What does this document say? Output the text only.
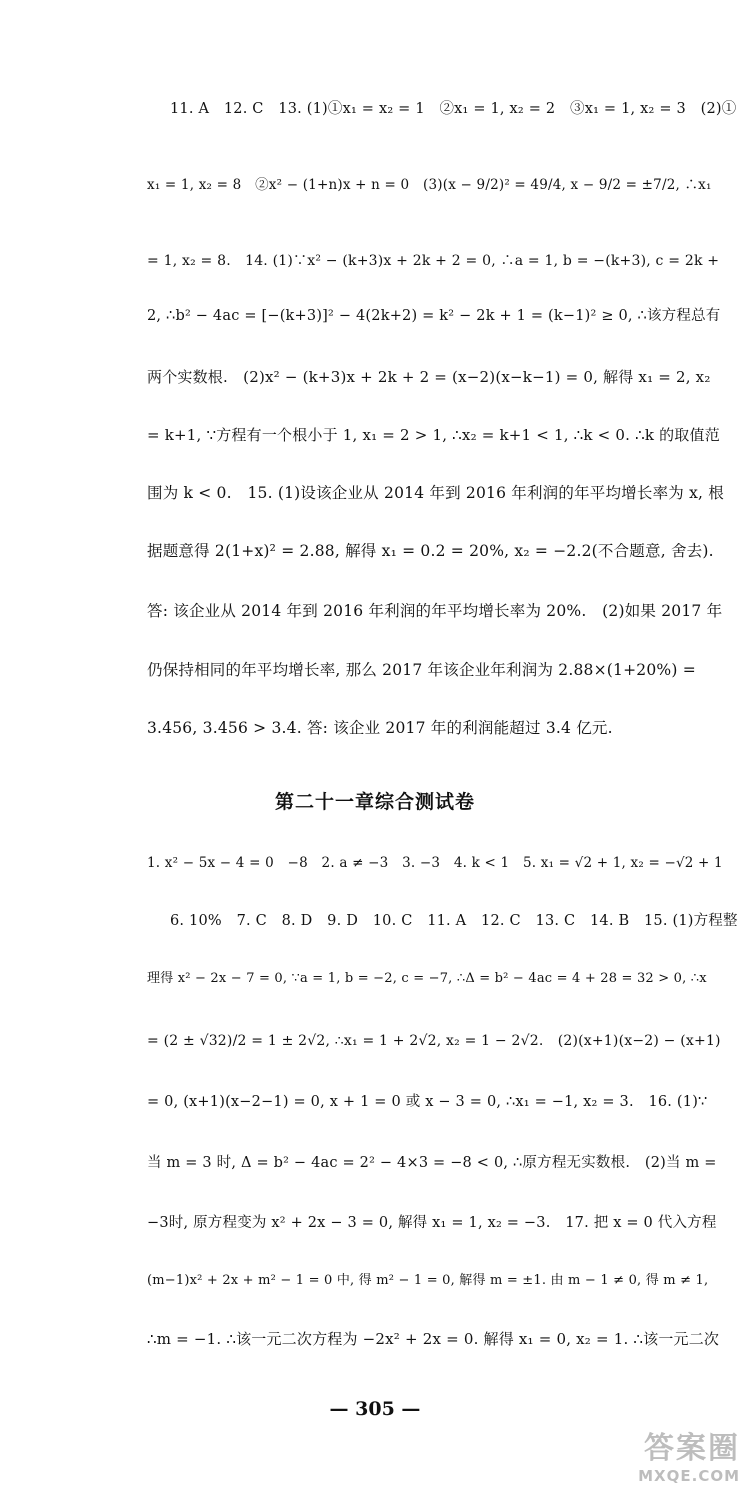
11. A　12. C　13. (1)①x₁ = x₂ = 1　②x₁ = 1, x₂ = 2　③x₁ = 1, x₂ = 3　(2)①
x₁ = 1, x₂ = 8　②x² − (1+n)x + n = 0　(3)(x − 9/2)² = 49/4, x − 9/2 = ±7/2, ∴x₁
= 1, x₂ = 8.　14. (1)∵x² − (k+3)x + 2k + 2 = 0, ∴a = 1, b = −(k+3), c = 2k +
2, ∴b² − 4ac = [−(k+3)]² − 4(2k+2) = k² − 2k + 1 = (k−1)² ≥ 0, ∴该方程总有
两个实数根.　(2)x² − (k+3)x + 2k + 2 = (x−2)(x−k−1) = 0, 解得 x₁ = 2, x₂
= k+1, ∵方程有一个根小于 1, x₁ = 2 > 1, ∴x₂ = k+1 < 1, ∴k < 0. ∴k 的取值范
围为 k < 0.　15. (1)设该企业从 2014 年到 2016 年利润的年平均增长率为 x, 根
据题意得 2(1+x)² = 2.88, 解得 x₁ = 0.2 = 20%, x₂ = −2.2(不合题意, 舍去).
答: 该企业从 2014 年到 2016 年利润的年平均增长率为 20%.　(2)如果 2017 年
仍保持相同的年平均增长率, 那么 2017 年该企业年利润为 2.88×(1+20%) =
3.456, 3.456 > 3.4. 答: 该企业 2017 年的利润能超过 3.4 亿元.
第二十一章综合测试卷
1. x² − 5x − 4 = 0　−8　2. a ≠ −3　3. −3　4. k < 1　5. x₁ = √2 + 1, x₂ = −√2 + 1
6. 10%　7. C　8. D　9. D　10. C　11. A　12. C　13. C　14. B　15. (1)方程整
理得 x² − 2x − 7 = 0, ∵a = 1, b = −2, c = −7, ∴Δ = b² − 4ac = 4 + 28 = 32 > 0, ∴x
= (2 ± √32)/2 = 1 ± 2√2, ∴x₁ = 1 + 2√2, x₂ = 1 − 2√2.　(2)(x+1)(x−2) − (x+1)
= 0, (x+1)(x−2−1) = 0, x + 1 = 0 或 x − 3 = 0, ∴x₁ = −1, x₂ = 3.　16. (1)∵
当 m = 3 时, Δ = b² − 4ac = 2² − 4×3 = −8 < 0, ∴原方程无实数根.　(2)当 m =
−3时, 原方程变为 x² + 2x − 3 = 0, 解得 x₁ = 1, x₂ = −3.　17. 把 x = 0 代入方程
(m−1)x² + 2x + m² − 1 = 0 中, 得 m² − 1 = 0, 解得 m = ±1. 由 m − 1 ≠ 0, 得 m ≠ 1,
∴m = −1. ∴该一元二次方程为 −2x² + 2x = 0. 解得 x₁ = 0, x₂ = 1. ∴该一元二次
— 305 —
答案圈
MXQE.COM
